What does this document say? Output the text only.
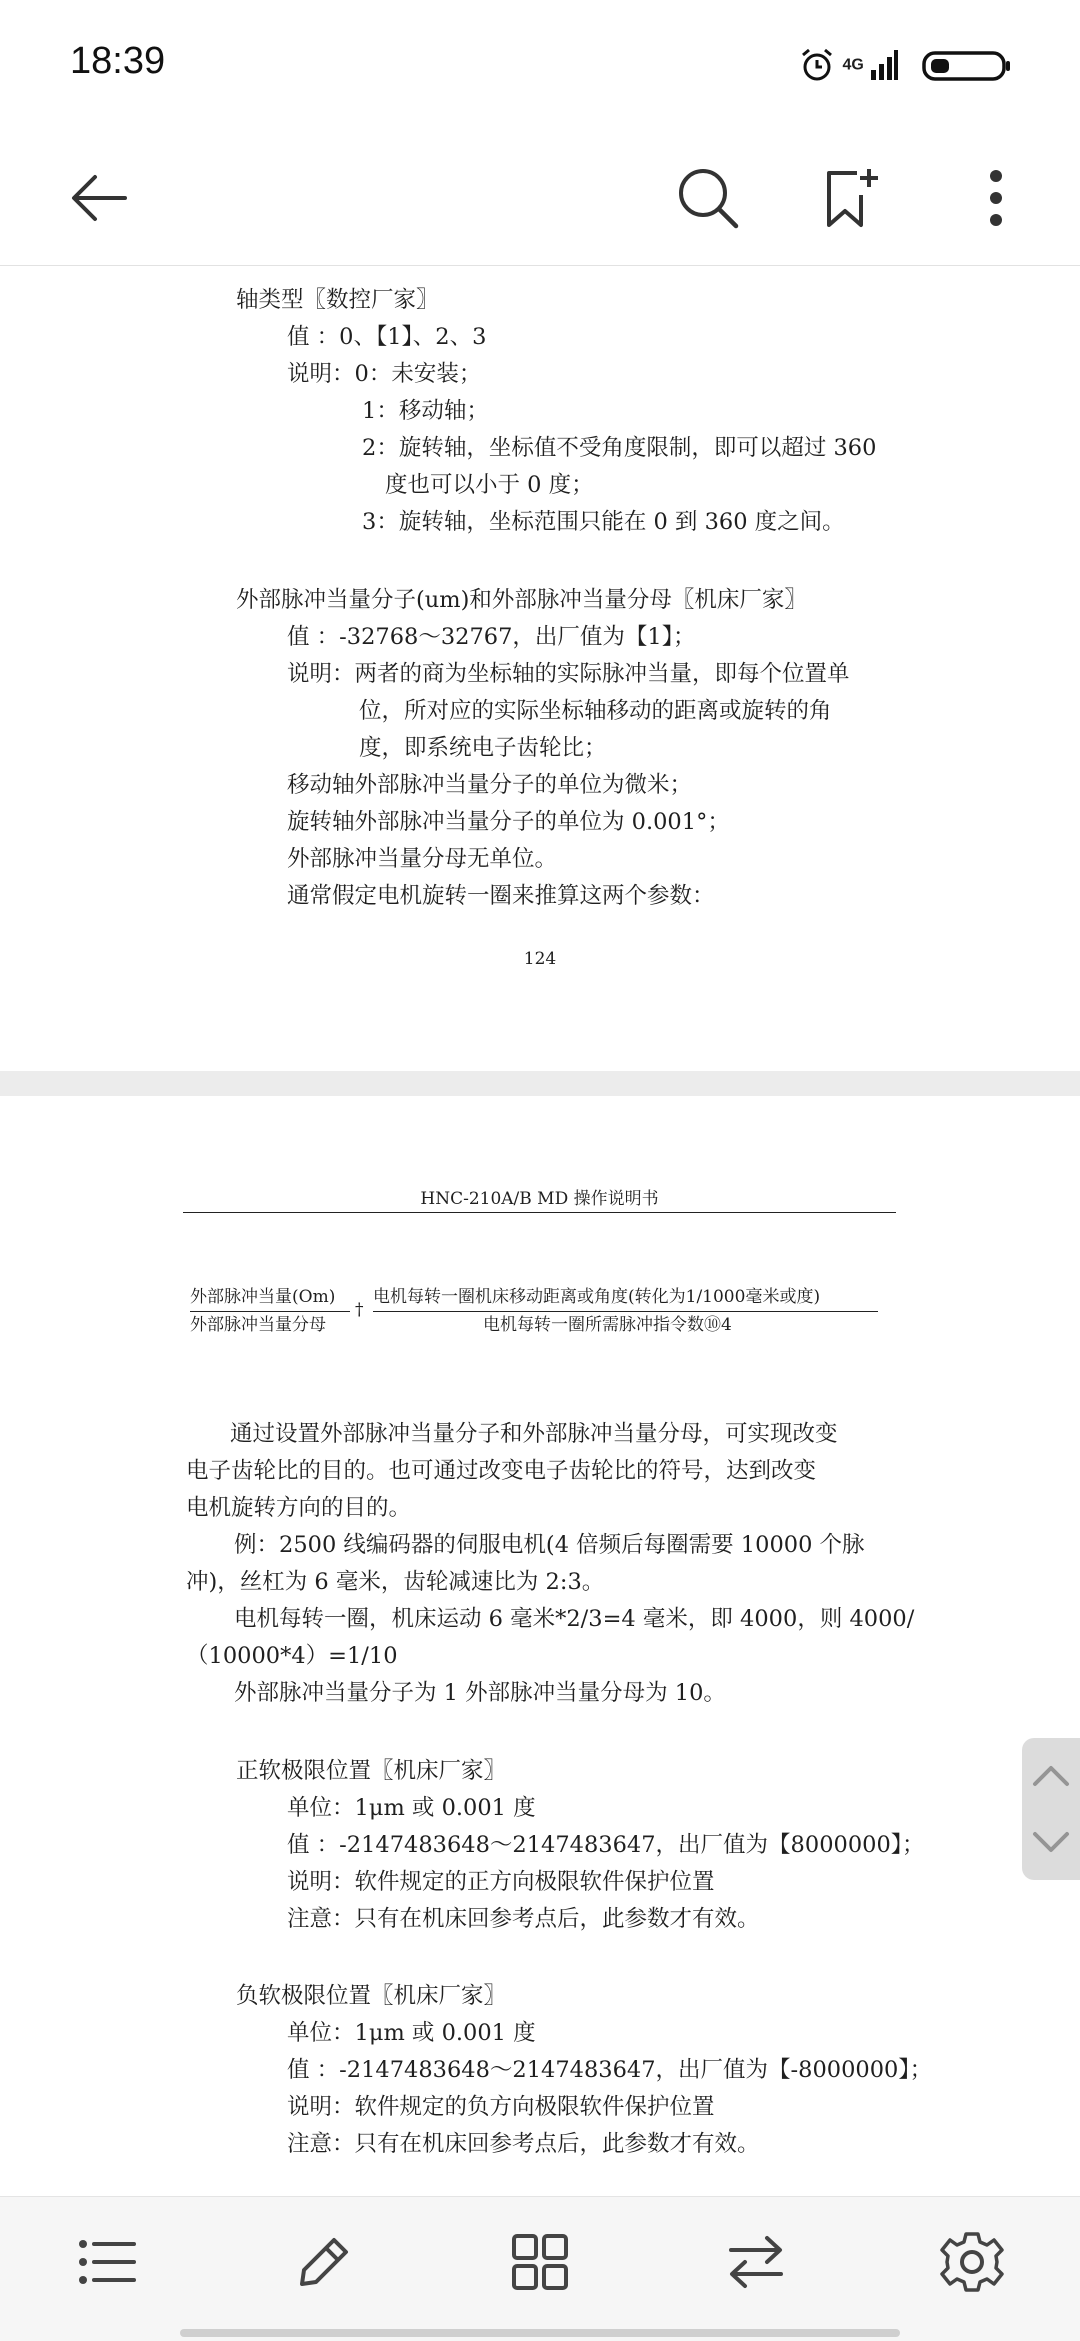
18:39	4G
轴类型〖数控厂家〗
值 ：0、【1】、2、3
说明：0：未安装；
1：移动轴；
2：旋转轴，坐标值不受角度限制，即可以超过 360
度也可以小于 0 度；
3：旋转轴，坐标范围只能在 0 到 360 度之间。
外部脉冲当量分子(um)和外部脉冲当量分母〖机床厂家〗
值 ：-32768～32767，出厂值为【1】；
说明：两者的商为坐标轴的实际脉冲当量，即每个位置单
位，所对应的实际坐标轴移动的距离或旋转的角
度，即系统电子齿轮比；
移动轴外部脉冲当量分子的单位为微米；
旋转轴外部脉冲当量分子的单位为 0.001°；
外部脉冲当量分母无单位。
通常假定电机旋转一圈来推算这两个参数：
124
HNC-210A/B MD 操作说明书
外部脉冲当量(Om)
外部脉冲当量分母
†
电机每转一圈机床移动距离或角度(转化为1/1000毫米或度)
电机每转一圈所需脉冲指令数⑩4
通过设置外部脉冲当量分子和外部脉冲当量分母，可实现改变
电子齿轮比的目的。也可通过改变电子齿轮比的符号，达到改变
电机旋转方向的目的。
例：2500 线编码器的伺服电机(4 倍频后每圈需要 10000 个脉
冲)，丝杠为 6 毫米，齿轮减速比为 2:3。
电机每转一圈，机床运动 6 毫米*2/3=4 毫米，即 4000，则 4000/
（10000*4）=1/10
外部脉冲当量分子为 1 外部脉冲当量分母为 10。
正软极限位置〖机床厂家〗
单位：1μm 或 0.001 度
值 ：-2147483648～2147483647，出厂值为【8000000】；
说明：软件规定的正方向极限软件保护位置
注意：只有在机床回参考点后，此参数才有效。
负软极限位置〖机床厂家〗
单位：1μm 或 0.001 度
值 ：-2147483648～2147483647，出厂值为【-8000000】；
说明：软件规定的负方向极限软件保护位置
注意：只有在机床回参考点后，此参数才有效。
